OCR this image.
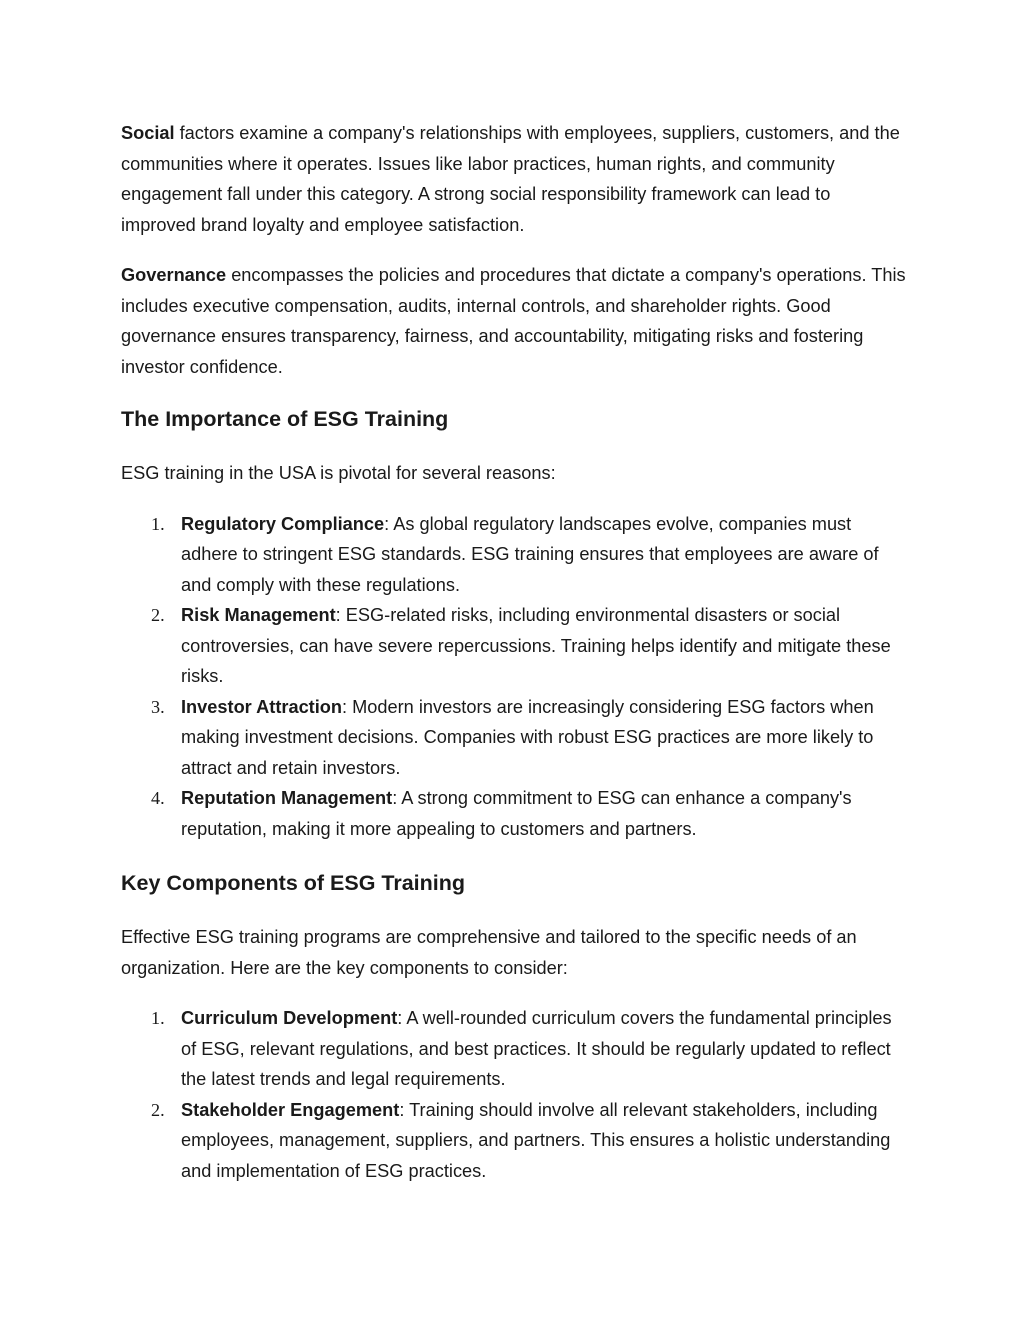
Social factors examine a company's relationships with employees, suppliers, customers, and the communities where it operates. Issues like labor practices, human rights, and community engagement fall under this category. A strong social responsibility framework can lead to improved brand loyalty and employee satisfaction.

Governance encompasses the policies and procedures that dictate a company's operations. This includes executive compensation, audits, internal controls, and shareholder rights. Good governance ensures transparency, fairness, and accountability, mitigating risks and fostering investor confidence.

The Importance of ESG Training

ESG training in the USA is pivotal for several reasons:

1. Regulatory Compliance: As global regulatory landscapes evolve, companies must adhere to stringent ESG standards. ESG training ensures that employees are aware of and comply with these regulations.
2. Risk Management: ESG-related risks, including environmental disasters or social controversies, can have severe repercussions. Training helps identify and mitigate these risks.
3. Investor Attraction: Modern investors are increasingly considering ESG factors when making investment decisions. Companies with robust ESG practices are more likely to attract and retain investors.
4. Reputation Management: A strong commitment to ESG can enhance a company's reputation, making it more appealing to customers and partners.
Key Components of ESG Training

Effective ESG training programs are comprehensive and tailored to the specific needs of an organization. Here are the key components to consider:

1. Curriculum Development: A well-rounded curriculum covers the fundamental principles of ESG, relevant regulations, and best practices. It should be regularly updated to reflect the latest trends and legal requirements.
2. Stakeholder Engagement: Training should involve all relevant stakeholders, including employees, management, suppliers, and partners. This ensures a holistic understanding and implementation of ESG practices.
